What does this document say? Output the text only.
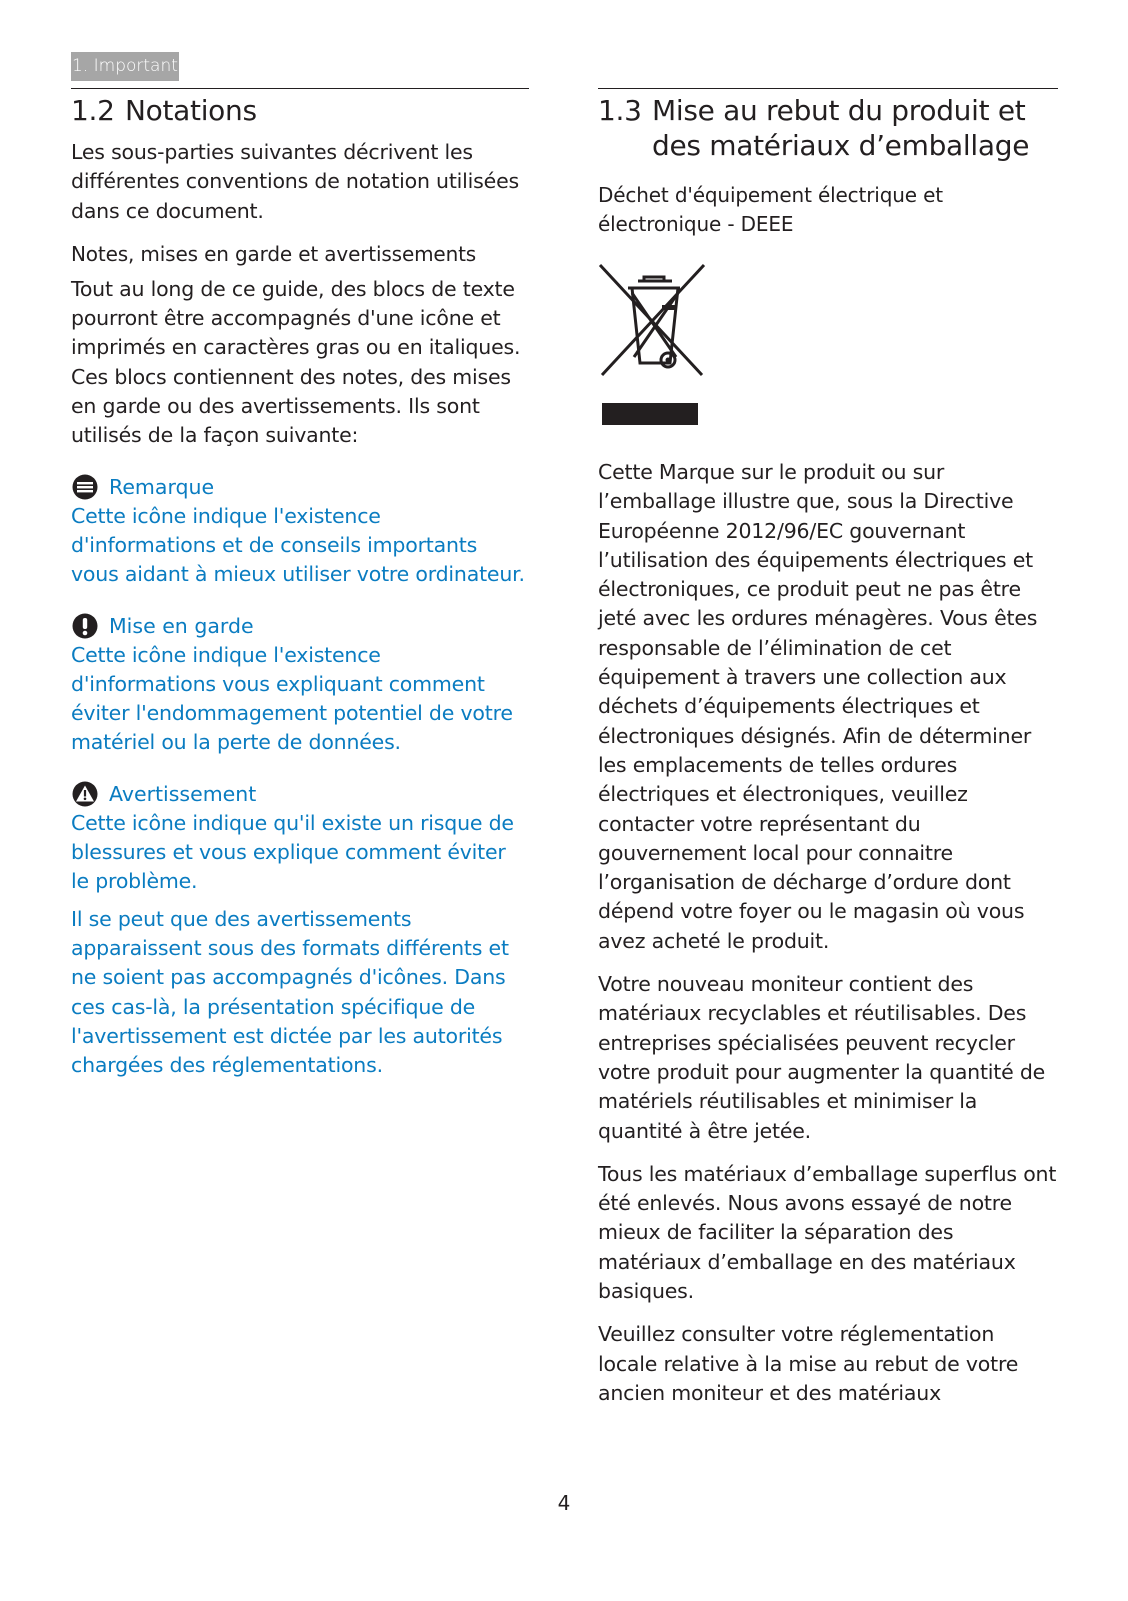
1. Important
1.2 Notations
Les sous-parties suivantes décrivent les différentes conventions de notation utilisées dans ce document.
Notes, mises en garde et avertissements
Tout au long de ce guide, des blocs de texte pourront être accompagnés d'une icône et imprimés en caractères gras ou en italiques. Ces blocs contiennent des notes, des mises en garde ou des avertissements. Ils sont utilisés de la façon suivante:
Remarque
Cette icône indique l'existence d'informations et de conseils importants vous aidant à mieux utiliser votre ordinateur.
Mise en garde
Cette icône indique l'existence d'informations vous expliquant comment éviter l'endommagement potentiel de votre matériel ou la perte de données.
Avertissement
Cette icône indique qu'il existe un risque de blessures et vous explique comment éviter le problème.
Il se peut que des avertissements apparaissent sous des formats différents et ne soient pas accompagnés d'icônes. Dans ces cas-là, la présentation spécifique de l'avertissement est dictée par les autorités chargées des réglementations.
1.3 Mise au rebut du produit et des matériaux d’emballage
Déchet d'équipement électrique et électronique - DEEE
Cette Marque sur le produit ou sur l’emballage illustre que, sous la Directive Européenne 2012/96/EC gouvernant l’utilisation des équipements électriques et électroniques, ce produit peut ne pas être jeté avec les ordures ménagères. Vous êtes responsable de l’élimination de cet équipement à travers une collection aux déchets d’équipements électriques et électroniques désignés. Afin de déterminer les emplacements de telles ordures électriques et électroniques, veuillez contacter votre représentant du gouvernement local pour connaitre l’organisation de décharge d’ordure dont dépend votre foyer ou le magasin où vous avez acheté le produit.
Votre nouveau moniteur contient des matériaux recyclables et réutilisables. Des entreprises spécialisées peuvent recycler votre produit pour augmenter la quantité de matériels réutilisables et minimiser la quantité à être jetée.
Tous les matériaux d’emballage superflus ont été enlevés. Nous avons essayé de notre mieux de faciliter la séparation des matériaux d’emballage en des matériaux basiques.
Veuillez consulter votre réglementation locale relative à la mise au rebut de votre ancien moniteur et des matériaux
4
